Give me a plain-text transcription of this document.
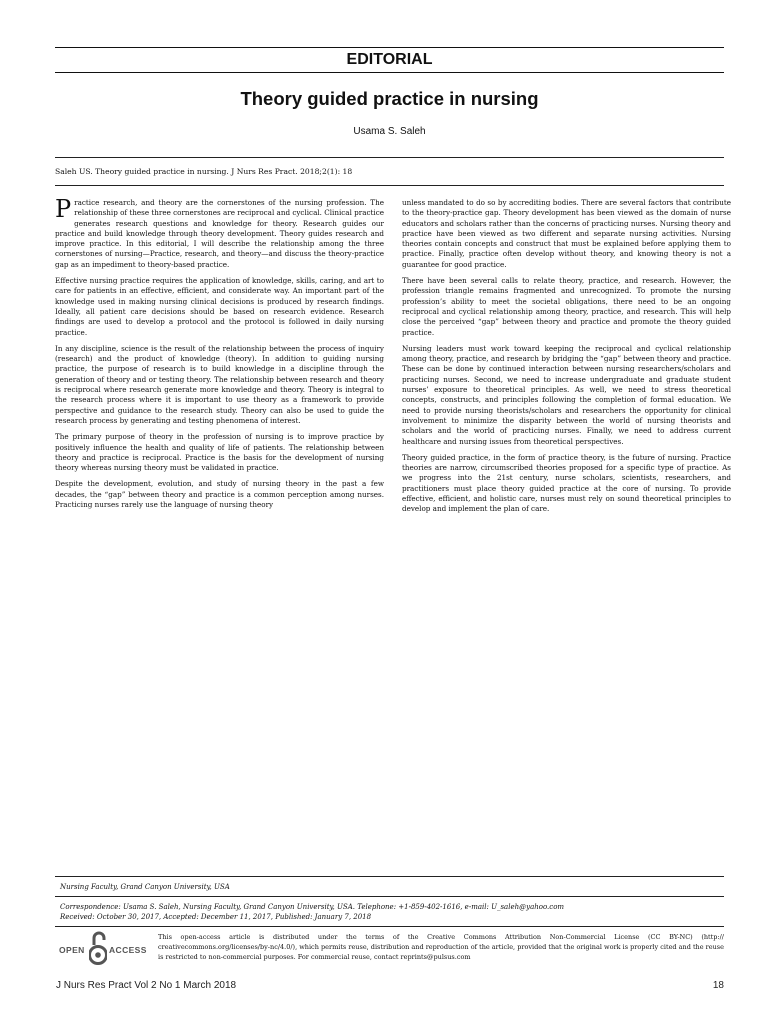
EDITORIAL
Theory guided practice in nursing
Usama S. Saleh
Saleh US. Theory guided practice in nursing. J Nurs Res Pract. 2018;2(1): 18

Practice research, and theory are the cornerstones of the nursing profession. The relationship of these three cornerstones are reciprocal and cyclical. Clinical practice generates research questions and knowledge for theory. Research guides our practice and build knowledge through theory development. Theory guides research and improve practice. In this editorial, I will describe the relationship among the three cornerstones of nursing—Practice, research, and theory—and discuss the theory-practice gap as an impediment to theory-based practice.

Effective nursing practice requires the application of knowledge, skills, caring, and art to care for patients in an effective, efficient, and considerate way. An important part of the knowledge used in making nursing clinical decisions is produced by research findings. Ideally, all patient care decisions should be based on research evidence. Research findings are used to develop a protocol and the protocol is followed in daily nursing practice.

In any discipline, science is the result of the relationship between the process of inquiry (research) and the product of knowledge (theory). In addition to guiding nursing practice, the purpose of research is to build knowledge in a discipline through the generation of theory and or testing theory. The relationship between research and theory is reciprocal where research generate more knowledge and theory. Theory is integral to the research process where it is important to use theory as a framework to provide perspective and guidance to the research study. Theory can also be used to guide the research process by generating and testing phenomena of interest.

The primary purpose of theory in the profession of nursing is to improve practice by positively influence the health and quality of life of patients. The relationship between theory and practice is reciprocal. Practice is the basis for the development of nursing theory whereas nursing theory must be validated in practice.

Despite the development, evolution, and study of nursing theory in the past a few decades, the “gap” between theory and practice is a common perception among nurses. Practicing nurses rarely use the language of nursing theory

unless mandated to do so by accrediting bodies. There are several factors that contribute to the theory-practice gap. Theory development has been viewed as the domain of nurse educators and scholars rather than the concerns of practicing nurses. Nursing theory and practice have been viewed as two different and separate nursing activities. Nursing theories contain concepts and construct that must be explained before applying them to practice. Finally, practice often develop without theory, and knowing theory is not a guarantee for good practice.

There have been several calls to relate theory, practice, and research. However, the profession triangle remains fragmented and unrecognized. To promote the nursing profession’s ability to meet the societal obligations, there need to be an ongoing reciprocal and cyclical relationship among theory, practice, and research. This will help close the perceived “gap” between theory and practice and promote the theory guided practice.

Nursing leaders must work toward keeping the reciprocal and cyclical relationship among theory, practice, and research by bridging the “gap” between theory and practice. These can be done by continued interaction between nursing researchers/scholars and practicing nurses. Second, we need to increase undergraduate and graduate student nurses’ exposure to theoretical principles. As well, we need to stress theoretical concepts, constructs, and principles following the completion of formal education. We need to provide nursing theorists/scholars and researchers the opportunity for clinical involvement to minimize the disparity between the world of nursing theorists and scholars and the world of practicing nurses. Finally, we need to address current healthcare and nursing issues from theoretical perspectives.

Theory guided practice, in the form of practice theory, is the future of nursing. Practice theories are narrow, circumscribed theories proposed for a specific type of practice. As we progress into the 21st century, nurse scholars, scientists, researchers, and practitioners must place theory guided practice at the core of nursing. To provide effective, efficient, and holistic care, nurses must rely on sound theoretical principles to develop and implement the plan of care.

Nursing Faculty, Grand Canyon University, USA
Correspondence: Usama S. Saleh, Nursing Faculty, Grand Canyon University, USA. Telephone: +1-859-402-1616, e-mail: U_saleh@yahoo.com
Received: October 30, 2017, Accepted: December 11, 2017, Published: January 7, 2018
OPEN	ACCESS
This open-access article is distributed under the terms of the Creative Commons Attribution Non-Commercial License (CC BY-NC) (http:// creativecommons.org/licenses/by-nc/4.0/), which permits reuse, distribution and reproduction of the article, provided that the original work is properly cited and the reuse is restricted to non-commercial purposes. For commercial reuse, contact reprints@pulsus.com
J Nurs Res Pract Vol 2 No 1 March 2018	18
